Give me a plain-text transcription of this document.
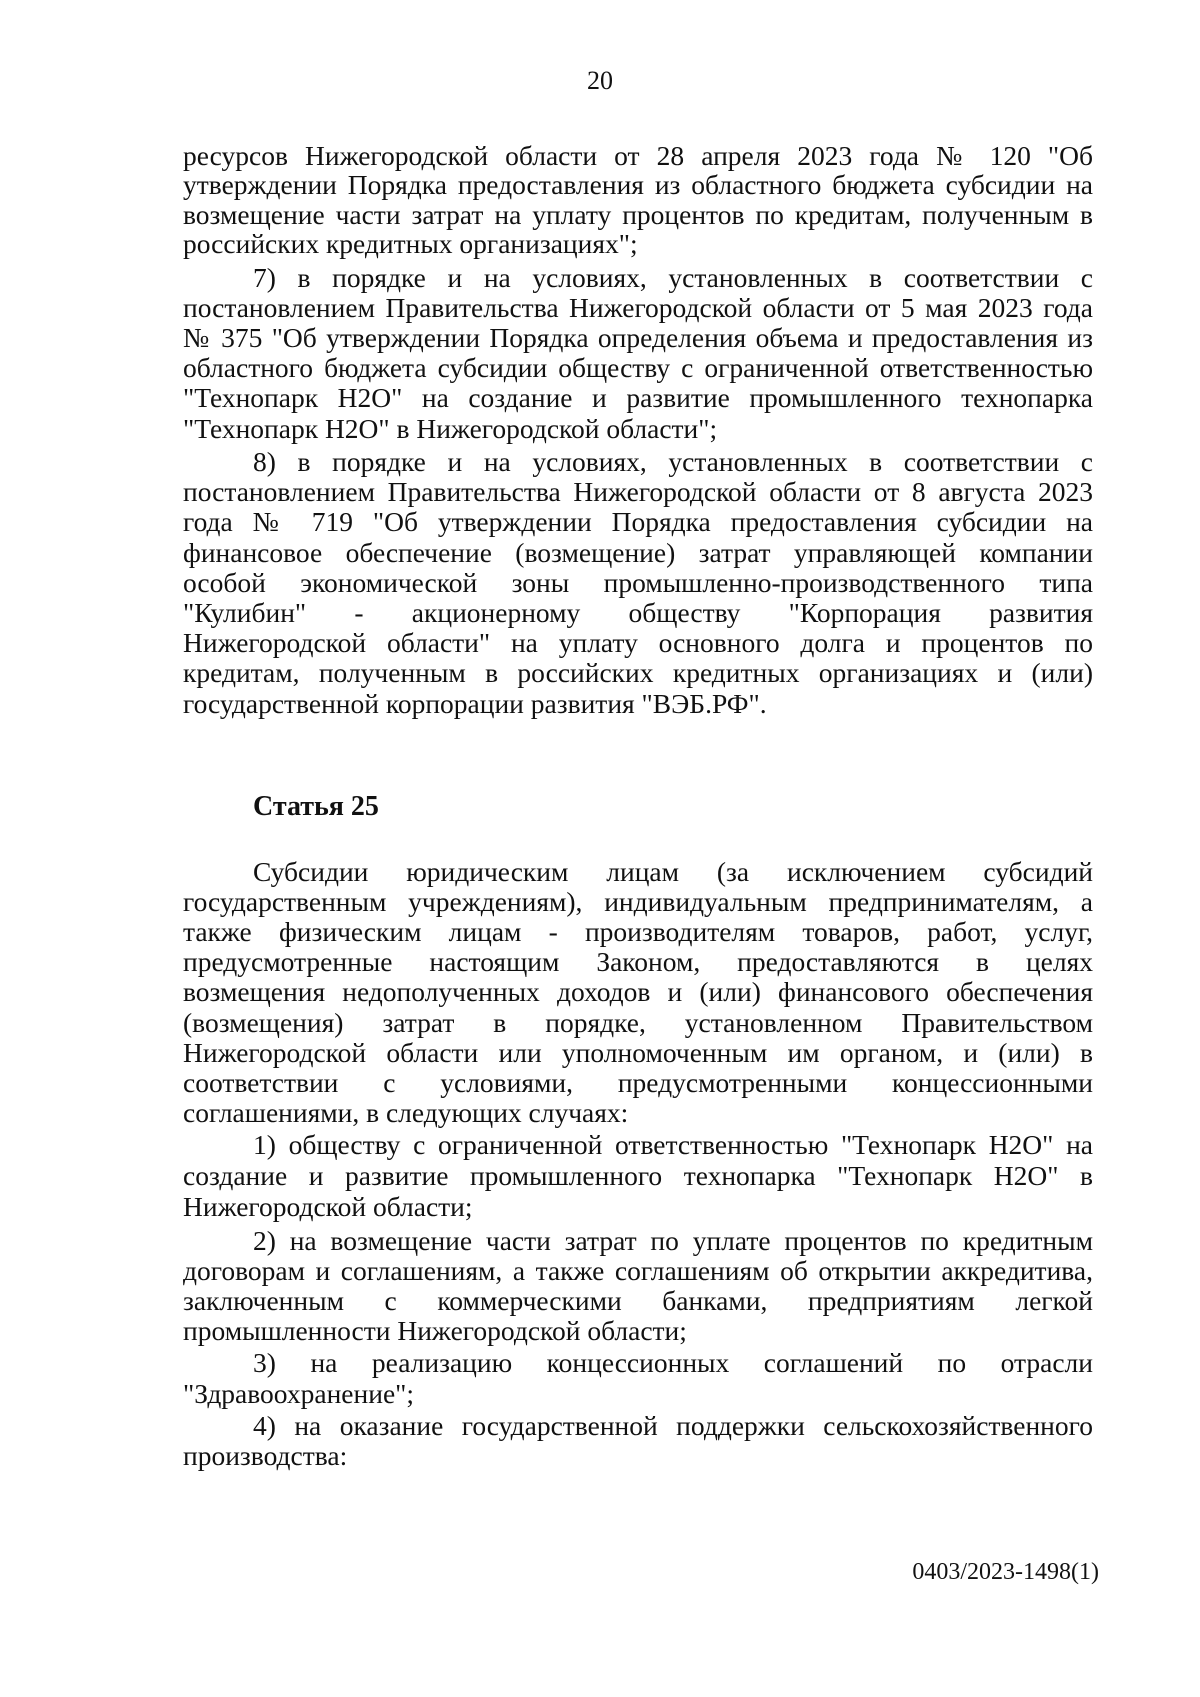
20
ресурсов Нижегородской области от 28 апреля 2023 года № 120 "Об
утверждении Порядка предоставления из областного бюджета субсидии на
возмещение части затрат на уплату процентов по кредитам, полученным в
российских кредитных организациях";
7) в порядке и на условиях, установленных в соответствии с
постановлением Правительства Нижегородской области от 5 мая 2023 года
№ 375 "Об утверждении Порядка определения объема и предоставления из
областного бюджета субсидии обществу с ограниченной ответственностью
"Технопарк Н2О" на создание и развитие промышленного технопарка
"Технопарк Н2О" в Нижегородской области";
8) в порядке и на условиях, установленных в соответствии с
постановлением Правительства Нижегородской области от 8 августа 2023
года № 719 "Об утверждении Порядка предоставления субсидии на
финансовое обеспечение (возмещение) затрат управляющей компании
особой экономической зоны промышленно-производственного типа
"Кулибин" - акционерному обществу "Корпорация развития
Нижегородской области" на уплату основного долга и процентов по
кредитам, полученным в российских кредитных организациях и (или)
государственной корпорации развития "ВЭБ.РФ".
Статья 25
Субсидии юридическим лицам (за исключением субсидий
государственным учреждениям), индивидуальным предпринимателям, а
также физическим лицам - производителям товаров, работ, услуг,
предусмотренные настоящим Законом, предоставляются в целях
возмещения недополученных доходов и (или) финансового обеспечения
(возмещения) затрат в порядке, установленном Правительством
Нижегородской области или уполномоченным им органом, и (или) в
соответствии с условиями, предусмотренными концессионными
соглашениями, в следующих случаях:
1) обществу с ограниченной ответственностью "Технопарк Н2О" на
создание и развитие промышленного технопарка "Технопарк Н2О" в
Нижегородской области;
2) на возмещение части затрат по уплате процентов по кредитным
договорам и соглашениям, а также соглашениям об открытии аккредитива,
заключенным с коммерческими банками, предприятиям легкой
промышленности Нижегородской области;
3) на реализацию концессионных соглашений по отрасли
"Здравоохранение";
4) на оказание государственной поддержки сельскохозяйственного
производства:
0403/2023-1498(1)
